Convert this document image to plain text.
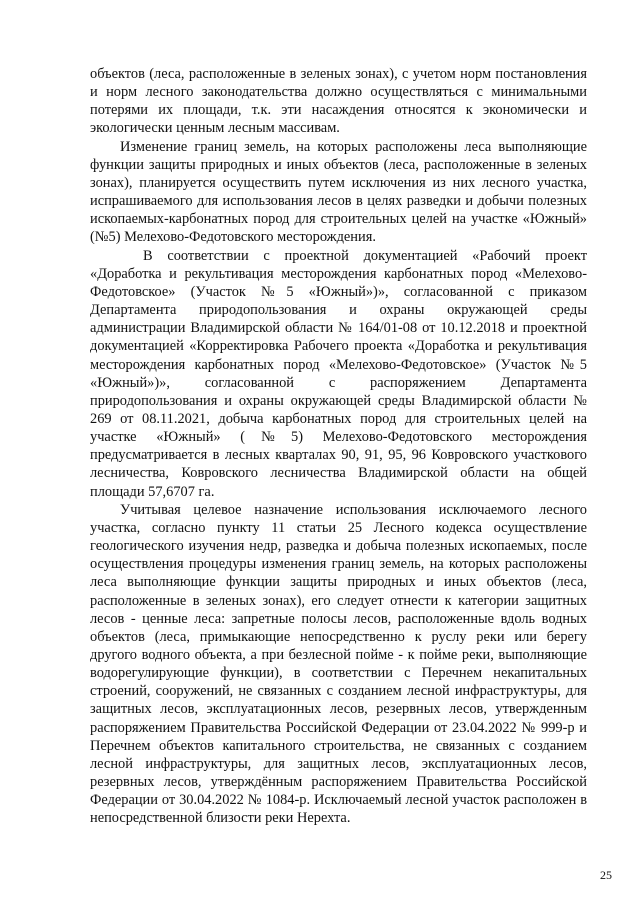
объектов (леса, расположенные в зеленых зонах), с учетом норм постановления и норм лесного законодательства должно осуществляться с минимальными потерями их площади, т.к. эти насаждения относятся к экономически и экологически ценным лесным массивам.

Изменение границ земель, на которых расположены леса выполняющие функции защиты природных и иных объектов (леса, расположенные в зеленых зонах), планируется осуществить путем исключения из них лесного участка, испрашиваемого для использования лесов в целях разведки и добычи полезных ископаемых-карбонатных пород для строительных целей на участке «Южный» (№5) Мелехово-Федотовского месторождения.

В соответствии с проектной документацией «Рабочий проект «Доработка и рекультивация месторождения карбонатных пород «Мелехово-Федотовское» (Участок №5 «Южный»)», согласованной с приказом Департамента природопользования и охраны окружающей среды администрации Владимирской области № 164/01-08 от 10.12.2018 и проектной документацией «Корректировка Рабочего проекта «Доработка и рекультивация месторождения карбонатных пород «Мелехово-Федотовское» (Участок №5 «Южный»)», согласованной с распоряжением Департамента природопользования и охраны окружающей среды Владимирской области № 269 от 08.11.2021, добыча карбонатных пород для строительных целей на участке «Южный» (№5) Мелехово-Федотовского месторождения предусматривается в лесных кварталах 90, 91, 95, 96 Ковровского участкового лесничества, Ковровского лесничества Владимирской области на общей площади 57,6707 га.

Учитывая целевое назначение использования исключаемого лесного участка, согласно пункту 11 статьи 25 Лесного кодекса осуществление геологического изучения недр, разведка и добыча полезных ископаемых, после осуществления процедуры изменения границ земель, на которых расположены леса выполняющие функции защиты природных и иных объектов (леса, расположенные в зеленых зонах), его следует отнести к категории защитных лесов - ценные леса: запретные полосы лесов, расположенные вдоль водных объектов (леса, примыкающие непосредственно к руслу реки или берегу другого водного объекта, а при безлесной пойме - к пойме реки, выполняющие водорегулирующие функции), в соответствии с Перечнем некапитальных строений, сооружений, не связанных с созданием лесной инфраструктуры, для защитных лесов, эксплуатационных лесов, резервных лесов, утвержденным распоряжением Правительства Российской Федерации от 23.04.2022 № 999-р и Перечнем объектов капитального строительства, не связанных с созданием лесной инфраструктуры, для защитных лесов, эксплуатационных лесов, резервных лесов, утверждённым распоряжением Правительства Российской Федерации от 30.04.2022 № 1084-р. Исключаемый лесной участок расположен в непосредственной близости реки Нерехта.

25
